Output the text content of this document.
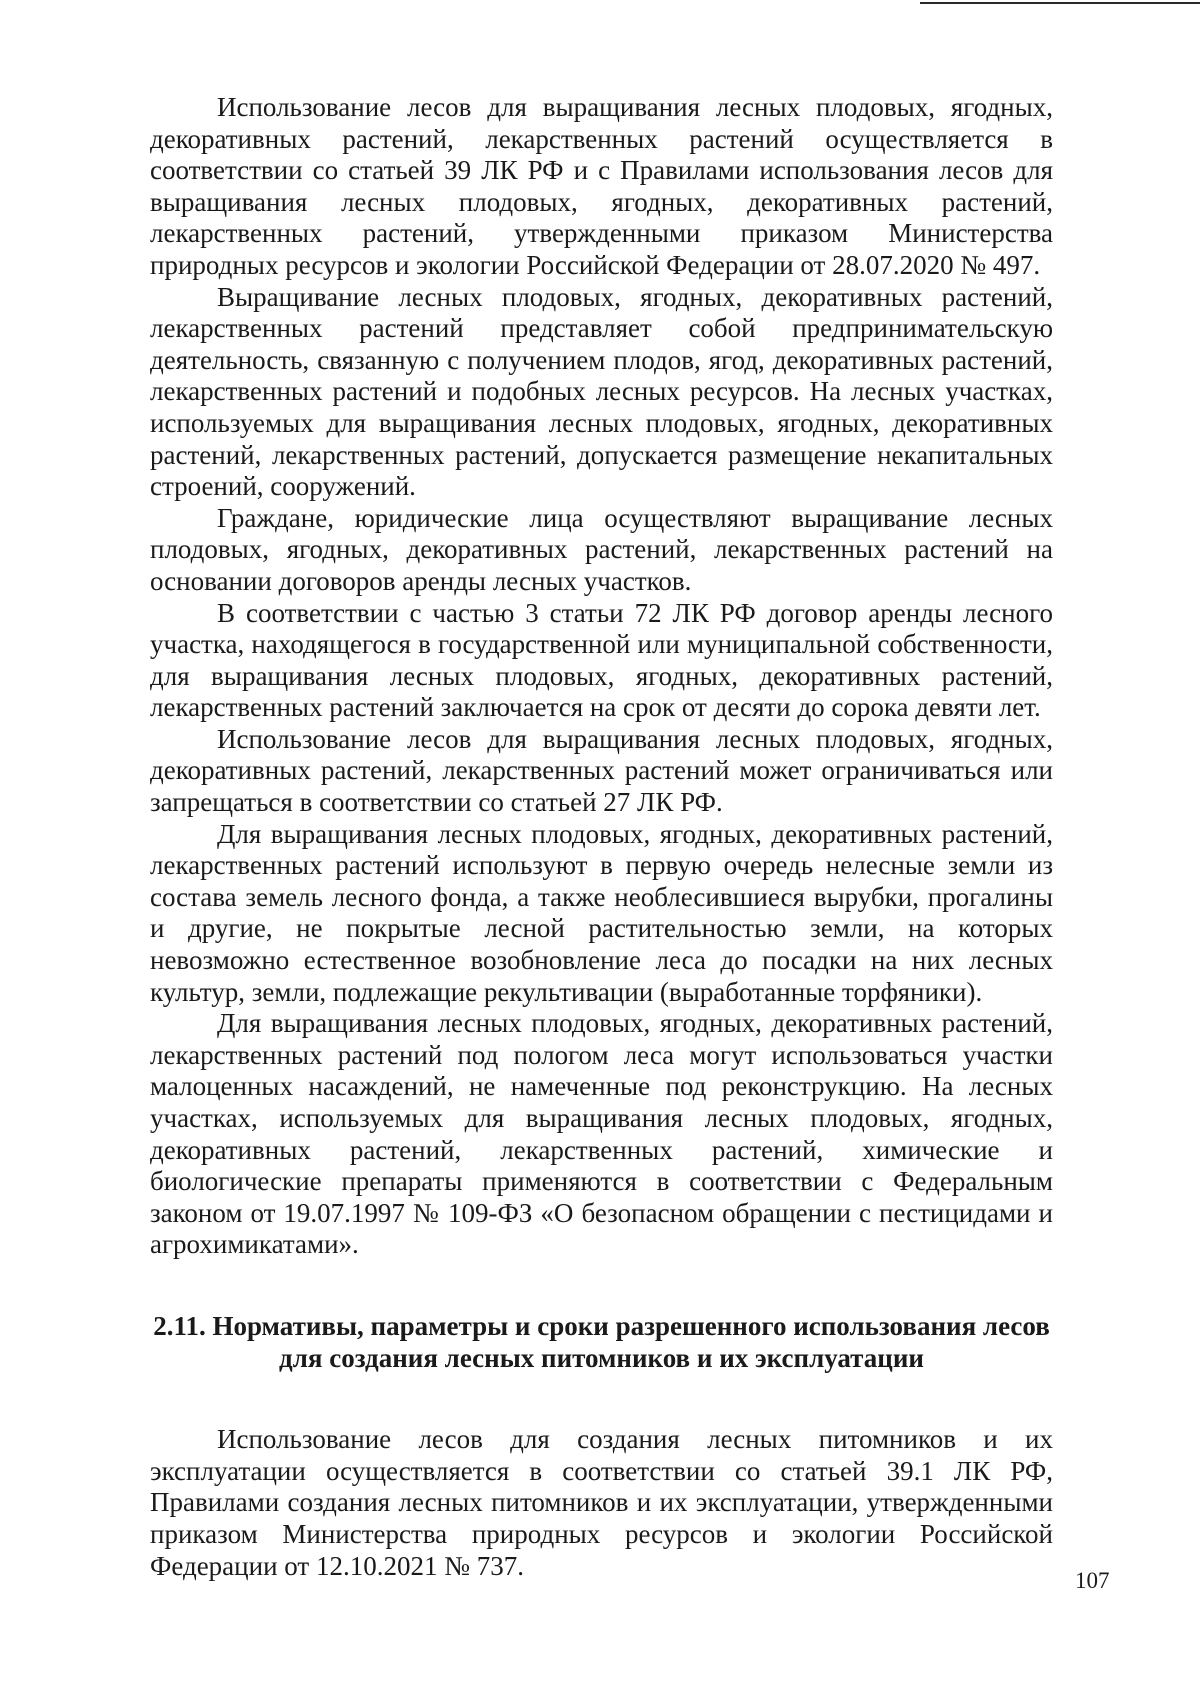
Использование лесов для выращивания лесных плодовых, ягодных, декоративных растений, лекарственных растений осуществляется в соответствии со статьей 39 ЛК РФ и с Правилами использования лесов для выращивания лесных плодовых, ягодных, декоративных растений, лекарственных растений, утвержденными приказом Министерства природных ресурсов и экологии Российской Федерации от 28.07.2020 № 497.

Выращивание лесных плодовых, ягодных, декоративных растений, лекарственных растений представляет собой предпринимательскую деятельность, связанную с получением плодов, ягод, декоративных растений, лекарственных растений и подобных лесных ресурсов. На лесных участках, используемых для выращивания лесных плодовых, ягодных, декоративных растений, лекарственных растений, допускается размещение некапитальных строений, сооружений.

Граждане, юридические лица осуществляют выращивание лесных плодовых, ягодных, декоративных растений, лекарственных растений на основании договоров аренды лесных участков.

В соответствии с частью 3 статьи 72 ЛК РФ договор аренды лесного участка, находящегося в государственной или муниципальной собственности, для выращивания лесных плодовых, ягодных, декоративных растений, лекарственных растений заключается на срок от десяти до сорока девяти лет.

Использование лесов для выращивания лесных плодовых, ягодных, декоративных растений, лекарственных растений может ограничиваться или запрещаться в соответствии со статьей 27 ЛК РФ.

Для выращивания лесных плодовых, ягодных, декоративных растений, лекарственных растений используют в первую очередь нелесные земли из состава земель лесного фонда, а также необлесившиеся вырубки, прогалины и другие, не покрытые лесной растительностью земли, на которых невозможно естественное возобновление леса до посадки на них лесных культур, земли, подлежащие рекультивации (выработанные торфяники).

Для выращивания лесных плодовых, ягодных, декоративных растений, лекарственных растений под пологом леса могут использоваться участки малоценных насаждений, не намеченные под реконструкцию. На лесных участках, используемых для выращивания лесных плодовых, ягодных, декоративных растений, лекарственных растений, химические и биологические препараты применяются в соответствии с Федеральным законом от 19.07.1997 № 109-ФЗ «О безопасном обращении с пестицидами и агрохимикатами».

2.11. Нормативы, параметры и сроки разрешенного использования лесов
для создания лесных питомников и их эксплуатации

Использование лесов для создания лесных питомников и их эксплуатации осуществляется в соответствии со статьей 39.1 ЛК РФ, Правилами создания лесных питомников и их эксплуатации, утвержденными приказом Министерства природных ресурсов и экологии Российской Федерации от 12.10.2021 № 737.	107
